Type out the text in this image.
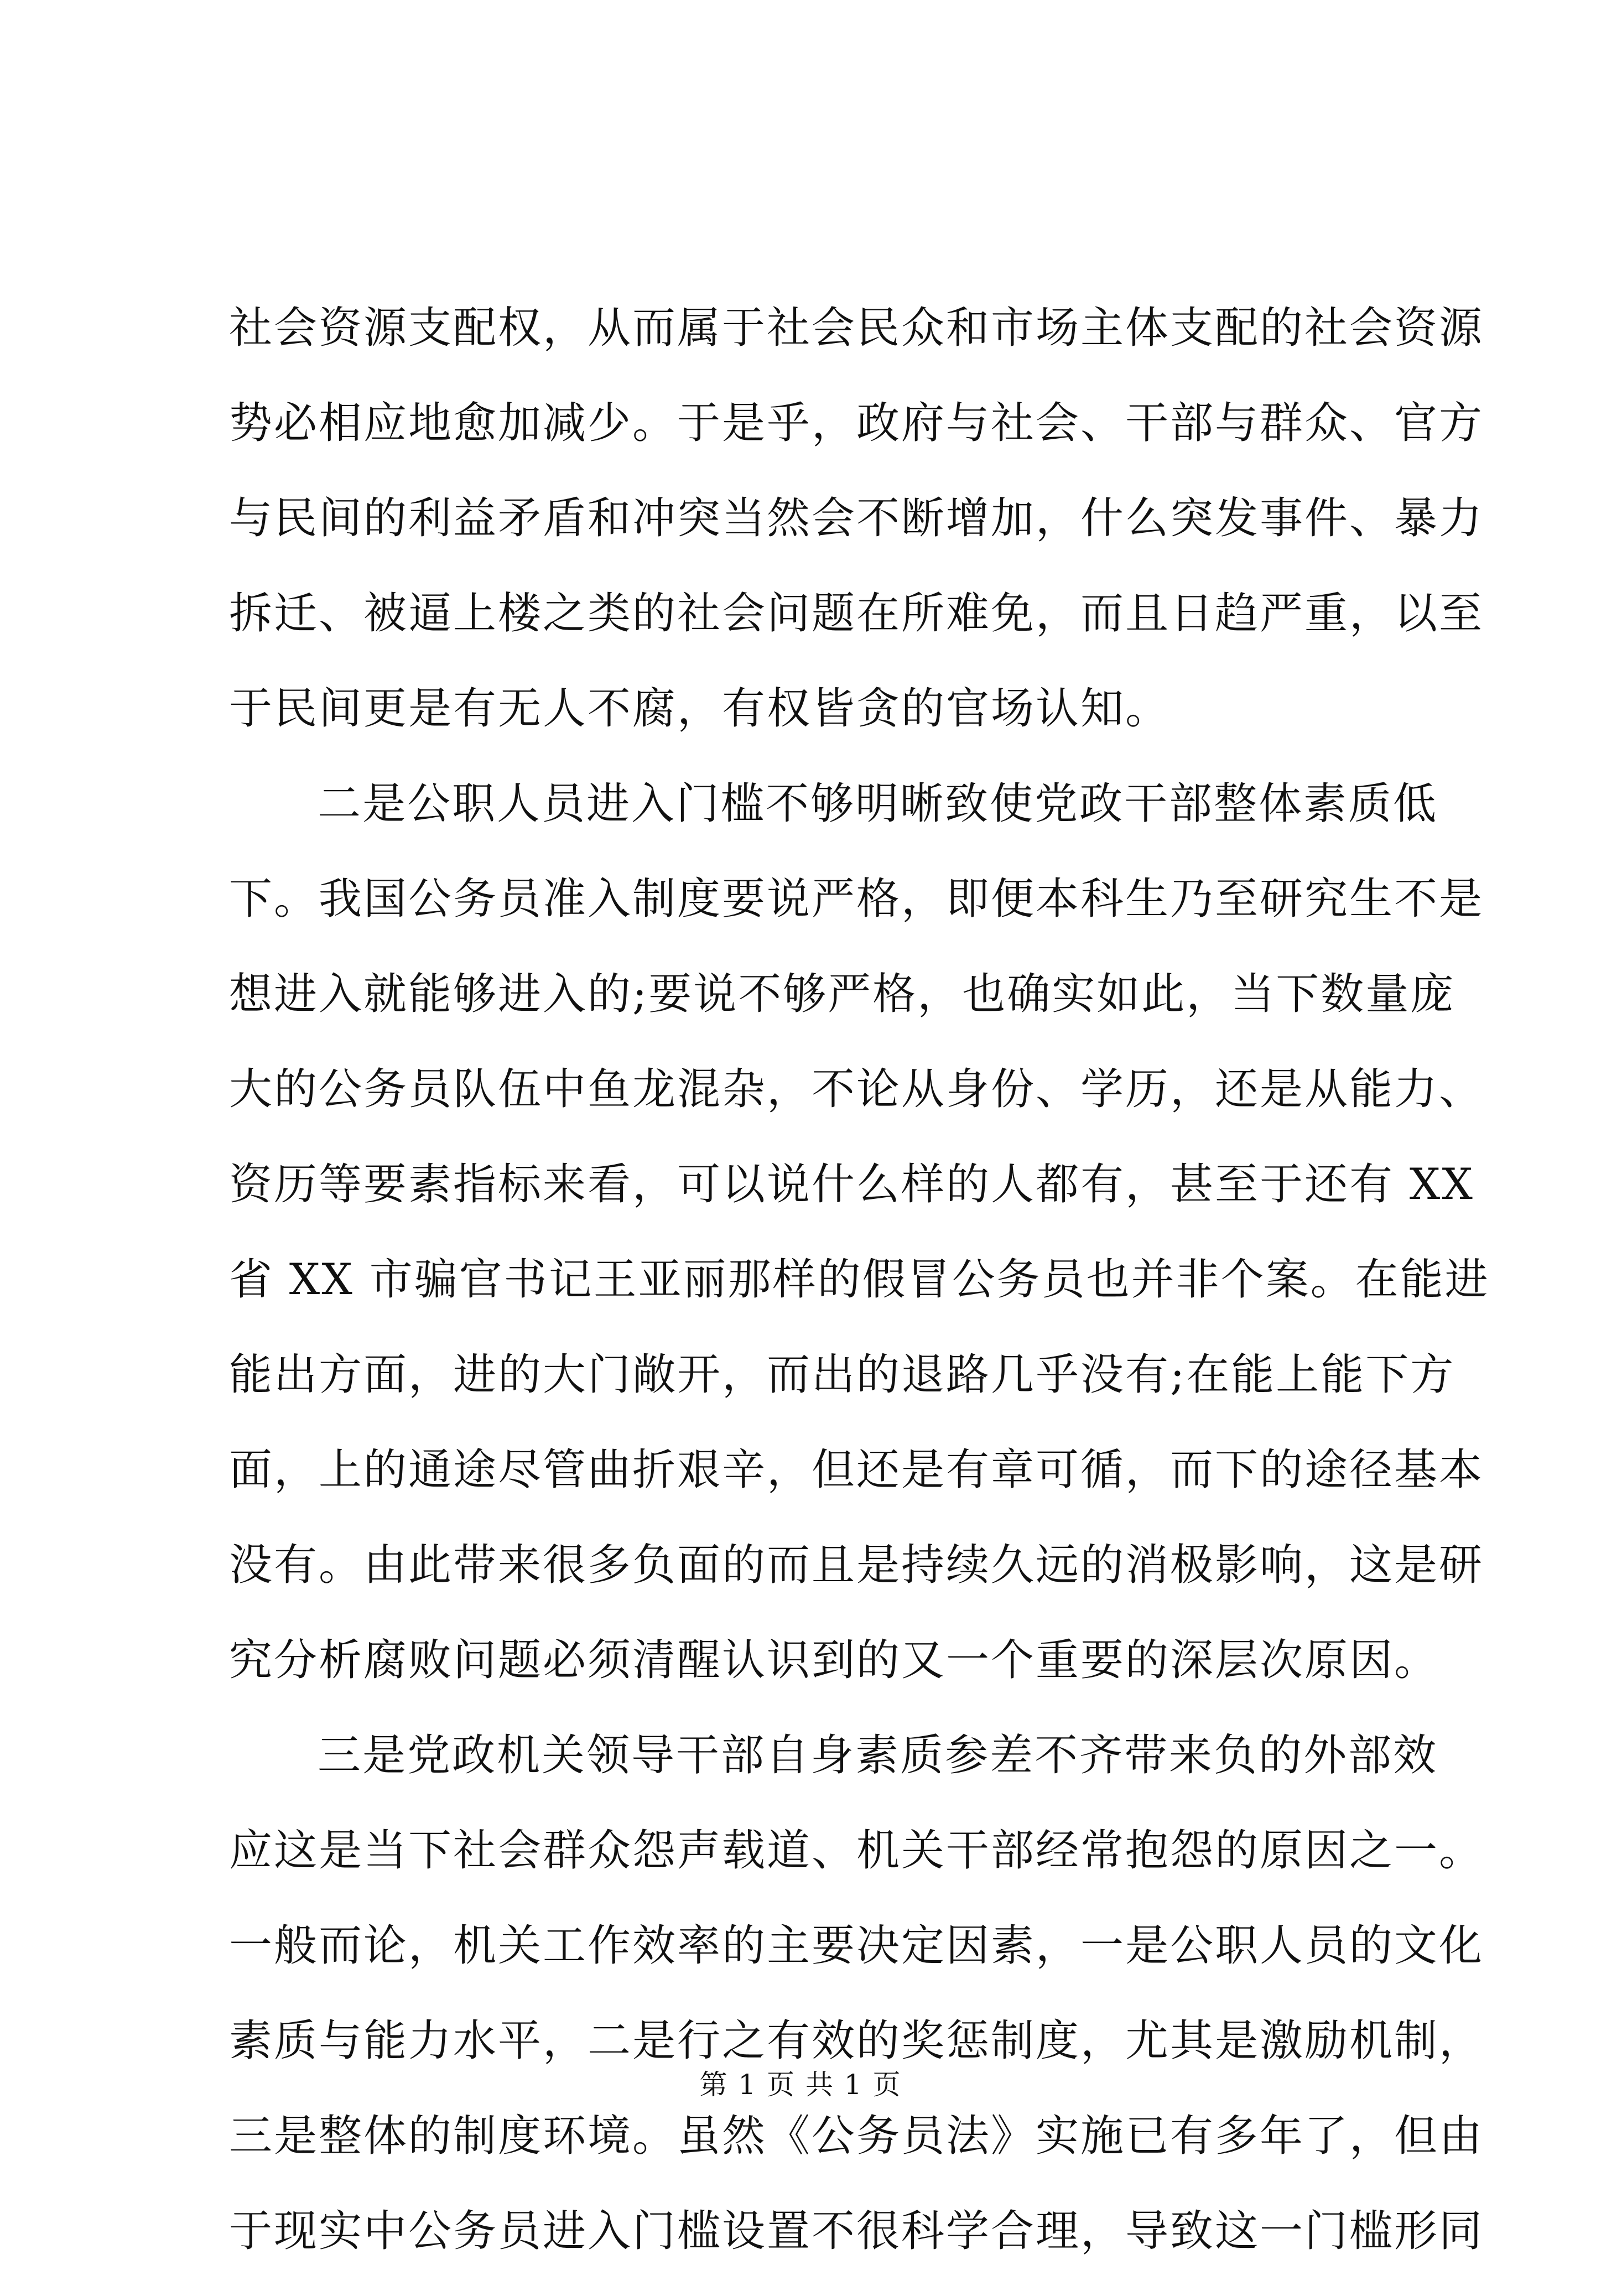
社会资源支配权，从而属于社会民众和市场主体支配的社会资源
势必相应地愈加减少。于是乎，政府与社会、干部与群众、官方
与民间的利益矛盾和冲突当然会不断增加，什么突发事件、暴力
拆迁、被逼上楼之类的社会问题在所难免，而且日趋严重，以至
于民间更是有无人不腐，有权皆贪的官场认知。
二是公职人员进入门槛不够明晰致使党政干部整体素质低
下。我国公务员准入制度要说严格，即便本科生乃至研究生不是
想进入就能够进入的;要说不够严格，也确实如此，当下数量庞
大的公务员队伍中鱼龙混杂，不论从身份、学历，还是从能力、
资历等要素指标来看，可以说什么样的人都有，甚至于还有 XX
省 XX 市骗官书记王亚丽那样的假冒公务员也并非个案。在能进
能出方面，进的大门敞开，而出的退路几乎没有;在能上能下方
面，上的通途尽管曲折艰辛，但还是有章可循，而下的途径基本
没有。由此带来很多负面的而且是持续久远的消极影响，这是研
究分析腐败问题必须清醒认识到的又一个重要的深层次原因。
三是党政机关领导干部自身素质参差不齐带来负的外部效
应这是当下社会群众怨声载道、机关干部经常抱怨的原因之一。
一般而论，机关工作效率的主要决定因素，一是公职人员的文化
素质与能力水平，二是行之有效的奖惩制度，尤其是激励机制，
三是整体的制度环境。虽然《公务员法》实施已有多年了，但由
于现实中公务员进入门槛设置不很科学合理，导致这一门槛形同
第 1 页 共 1 页
